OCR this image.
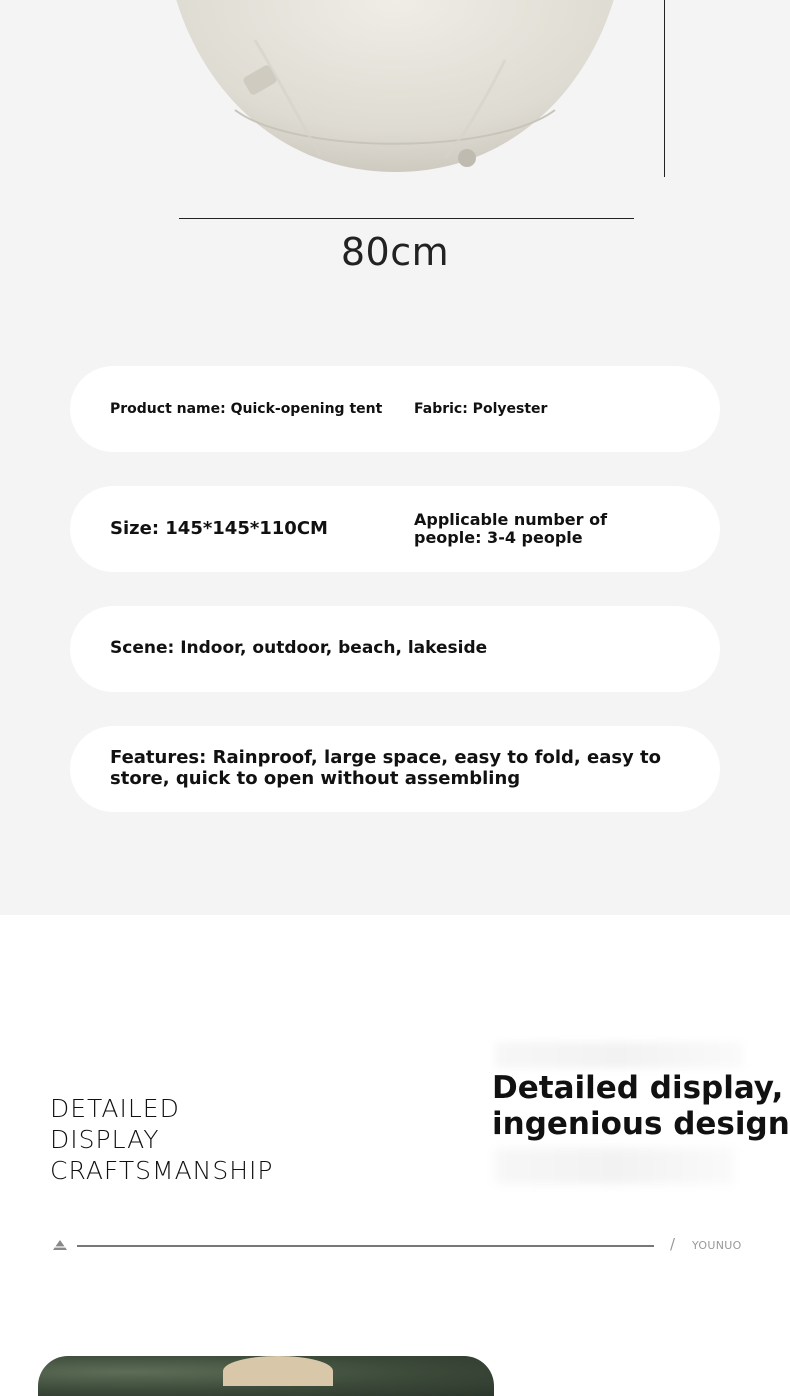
80cm
Product name: Quick-opening tent Fabric: Polyester
Size: 145*145*110CM	Applicable number of people: 3-4 people
Scene: Indoor, outdoor, beach, lakeside
Features: Rainproof, large space, easy to fold, easy to store, quick to open without assembling
DETAILED
DISPLAY
CRAFTSMANSHIP
Detailed display,
ingenious design
/ YOUNUO
